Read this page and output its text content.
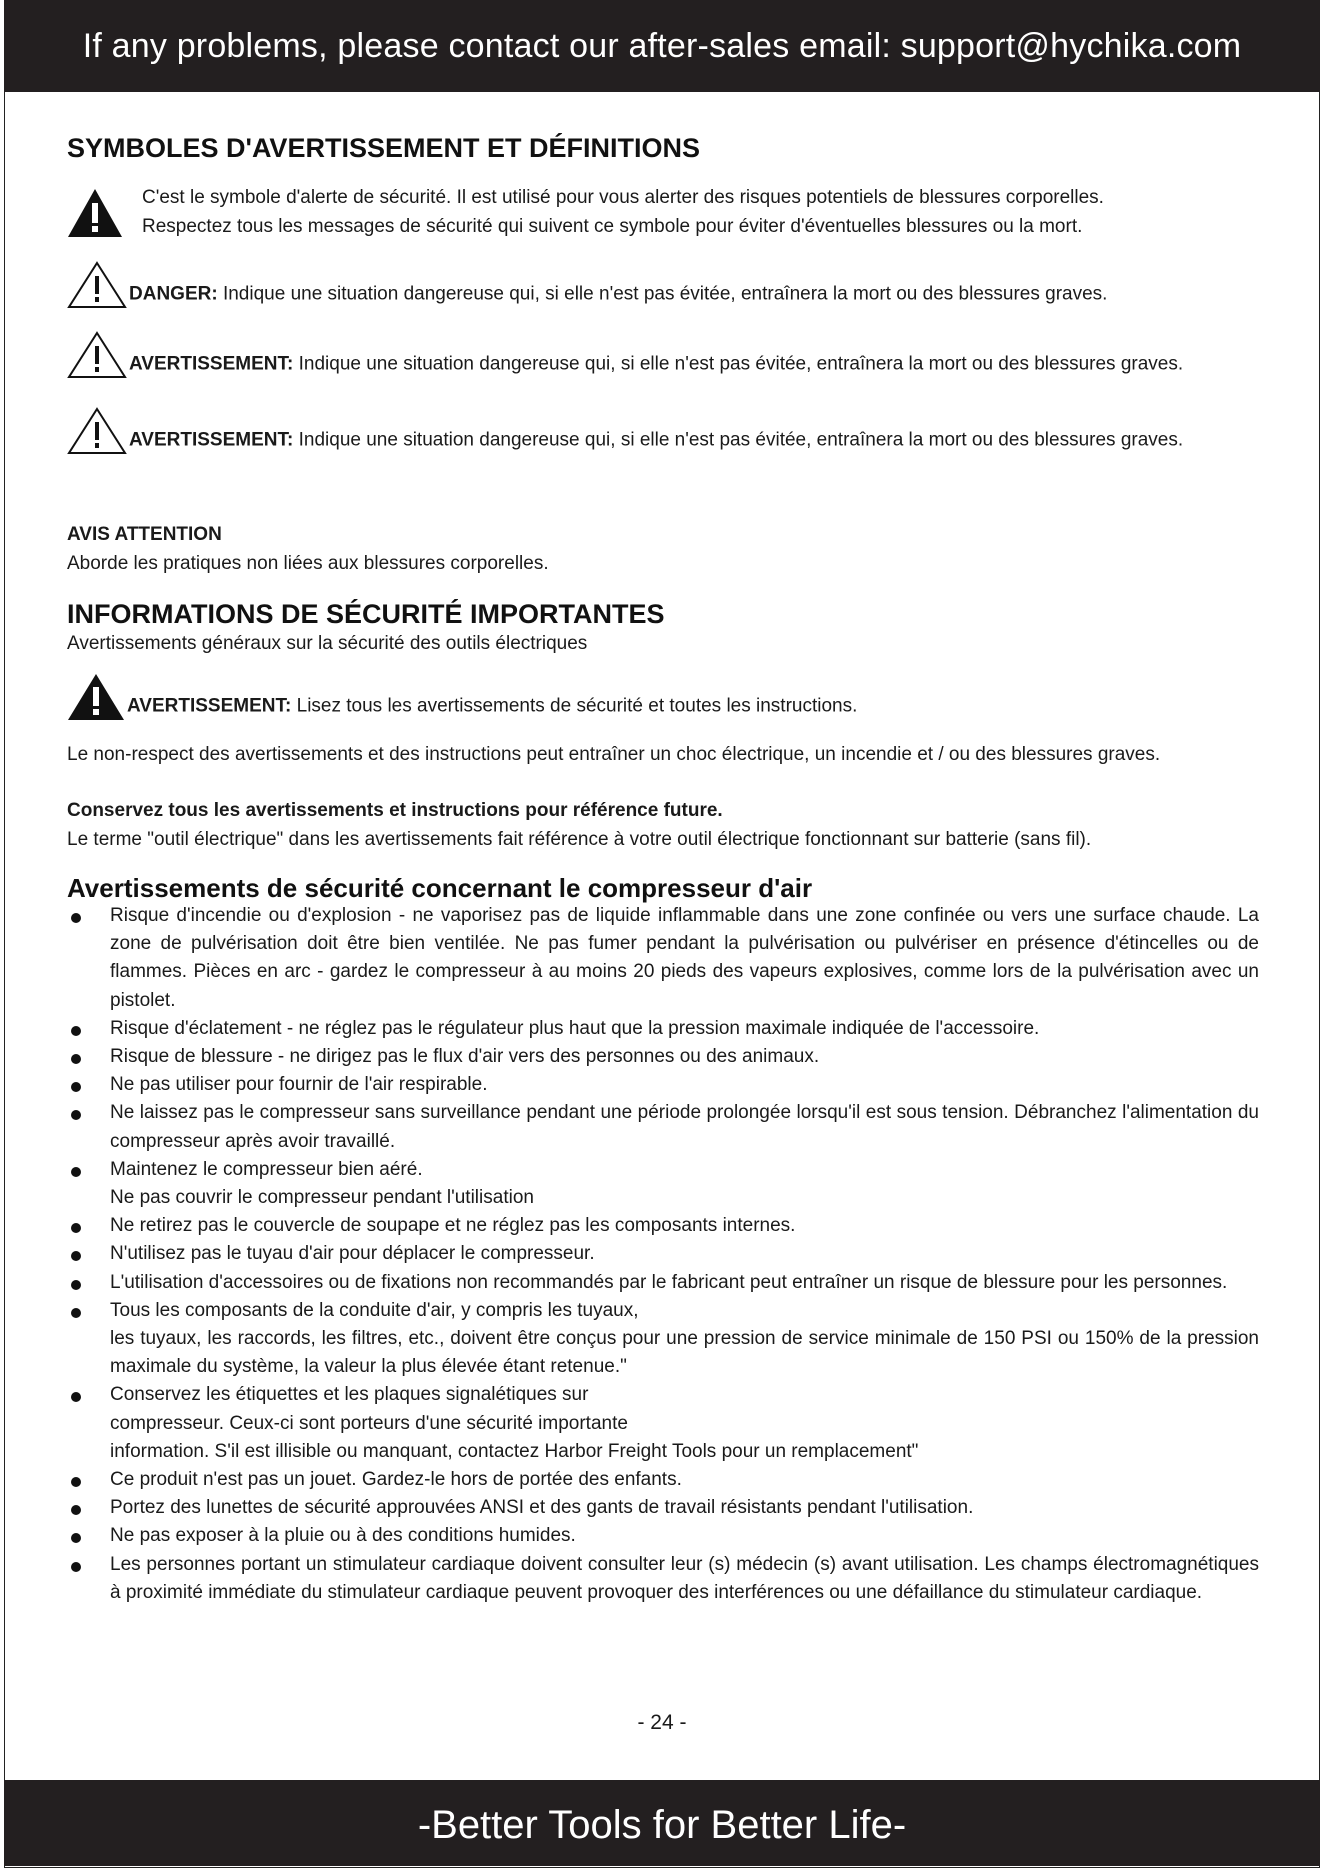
If any problems, please contact our after-sales email: support@hychika.com
SYMBOLES D'AVERTISSEMENT ET DÉFINITIONS

C'est le symbole d'alerte de sécurité. Il est utilisé pour vous alerter des risques potentiels de blessures corporelles.

Respectez tous les messages de sécurité qui suivent ce symbole pour éviter d'éventuelles blessures ou la mort.

DANGER: Indique une situation dangereuse qui, si elle n'est pas évitée, entraînera la mort ou des blessures graves.

AVERTISSEMENT: Indique une situation dangereuse qui, si elle n'est pas évitée, entraînera la mort ou des blessures graves.

AVERTISSEMENT: Indique une situation dangereuse qui, si elle n'est pas évitée, entraînera la mort ou des blessures graves.

AVIS ATTENTION

Aborde les pratiques non liées aux blessures corporelles.

INFORMATIONS DE SÉCURITÉ IMPORTANTES

Avertissements généraux sur la sécurité des outils électriques

AVERTISSEMENT: Lisez tous les avertissements de sécurité et toutes les instructions.

Le non-respect des avertissements et des instructions peut entraîner un choc électrique, un incendie et / ou des blessures graves.

Conservez tous les avertissements et instructions pour référence future.

Le terme "outil électrique" dans les avertissements fait référence à votre outil électrique fonctionnant sur batterie (sans fil).

Avertissements de sécurité concernant le compresseur d'air
Risque d'incendie ou d'explosion - ne vaporisez pas de liquide inflammable dans une zone confinée ou vers une surface chaude. La zone de pulvérisation doit être bien ventilée. Ne pas fumer pendant la pulvérisation ou pulvériser en présence d'étincelles ou de flammes. Pièces en arc - gardez le compresseur à au moins 20 pieds des vapeurs explosives, comme lors de la pulvérisation avec un pistolet.
Risque d'éclatement - ne réglez pas le régulateur plus haut que la pression maximale indiquée de l'accessoire.
Risque de blessure - ne dirigez pas le flux d'air vers des personnes ou des animaux.
Ne pas utiliser pour fournir de l'air respirable.
Ne laissez pas le compresseur sans surveillance pendant une période prolongée lorsqu'il est sous tension. Débranchez l'alimentation du compresseur après avoir travaillé.
Maintenez le compresseur bien aéré.
Ne pas couvrir le compresseur pendant l'utilisation
Ne retirez pas le couvercle de soupape et ne réglez pas les composants internes.
N'utilisez pas le tuyau d'air pour déplacer le compresseur.
L'utilisation d'accessoires ou de fixations non recommandés par le fabricant peut entraîner un risque de blessure pour les personnes.
Tous les composants de la conduite d'air, y compris les tuyaux,
les tuyaux, les raccords, les filtres, etc., doivent être conçus pour une pression de service minimale de 150 PSI ou 150% de la pression maximale du système, la valeur la plus élevée étant retenue."
Conservez les étiquettes et les plaques signalétiques sur
compresseur. Ceux-ci sont porteurs d'une sécurité importante
information. S'il est illisible ou manquant, contactez Harbor Freight Tools pour un remplacement"
Ce produit n'est pas un jouet. Gardez-le hors de portée des enfants.
Portez des lunettes de sécurité approuvées ANSI et des gants de travail résistants pendant l'utilisation.
Ne pas exposer à la pluie ou à des conditions humides.
Les personnes portant un stimulateur cardiaque doivent consulter leur (s) médecin (s) avant utilisation. Les champs électromagnétiques à proximité immédiate du stimulateur cardiaque peuvent provoquer des interférences ou une défaillance du stimulateur cardiaque.
- 24 -
-Better Tools for Better Life-
